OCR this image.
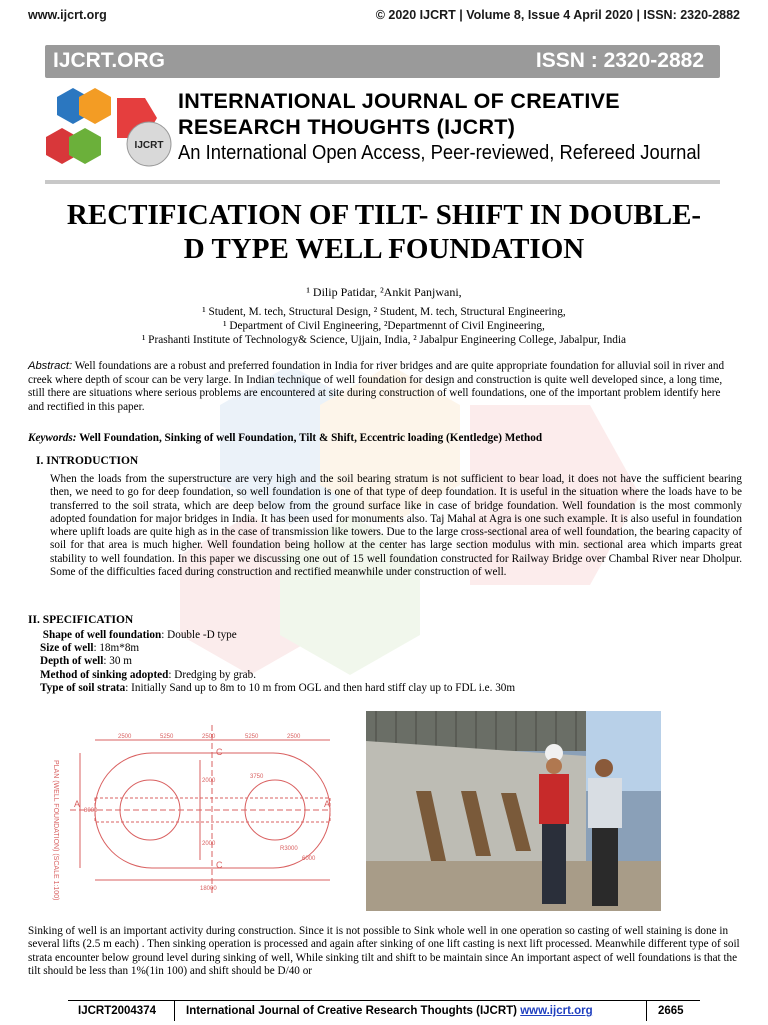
www.ijcrt.org	© 2020 IJCRT | Volume 8, Issue 4 April 2020 | ISSN: 2320-2882
IJCRT.ORG	ISSN : 2320-2882
IJCRT
INTERNATIONAL JOURNAL OF CREATIVE
RESEARCH THOUGHTS (IJCRT)
An International Open Access, Peer-reviewed, Refereed Journal
RECTIFICATION OF TILT- SHIFT IN DOUBLE-
D TYPE WELL FOUNDATION
¹ Dilip Patidar, ²Ankit Panjwani,
¹ Student, M. tech, Structural Design, ² Student, M. tech, Structural Engineering,
¹ Department of Civil Engineering, ²Departmennt of Civil Engineering,
¹ Prashanti Institute of Technology& Science, Ujjain, India, ² Jabalpur Engineering College, Jabalpur, India
Abstract: Well foundations are a robust and preferred foundation in India for river bridges and are quite appropriate foundation for alluvial soil in river and creek where depth of scour can be very large. In Indian technique of well foundation for design and construction is quite well developed since, a long time, still there are situations where serious problems are encountered at site during construction of well foundations, one of the important problem identify here and rectified in this paper.
Keywords: Well Foundation, Sinking of well Foundation, Tilt & Shift, Eccentric loading (Kentledge) Method
I. INTRODUCTION
When the loads from the superstructure are very high and the soil bearing stratum is not sufficient to bear load, it does not have the sufficient bearing then, we need to go for deep foundation, so well foundation is one of that type of deep foundation. It is useful in the situation where the loads have to be transferred to the soil strata, which are deep below from the ground surface like in case of bridge foundation. Well foundation is the most commonly adopted foundation for major bridges in India. It has been used for monuments also. Taj Mahal at Agra is one such example. It is also useful in foundation where uplift loads are quite high as in the case of transmission like towers. Due to the large cross-sectional area of well foundation, the bearing capacity of soil for that area is much higher. Well foundation being hollow at the center has large section modulus with min. sectional area which imparts great stability to well foundation. In this paper we discussing one out of 15 well foundation constructed for Railway Bridge over Chambal River near Dholpur. Some of the difficulties faced during construction and rectified meanwhile under construction of well.
II. SPECIFICATION
Shape of well foundation: Double -D type
Size of well: 18m*8m
Depth of well: 30 m
Method of sinking adopted: Dredging by grab.
Type of soil strata: Initially Sand up to 8m to 10 m from OGL and then hard stiff clay up to FDL i.e. 30m
2500	5250	2500	5250	2500
18000
8000
3750
2000
2000
R3000
6000
C
C
A	A
PLAN (WELL FOUNDATION) (SCALE 1:100)
Sinking of well is an important activity during construction. Since it is not possible to Sink whole well in one operation so casting of well staining is done in several lifts (2.5 m each) . Then sinking operation is processed and again after sinking of one lift casting is next lift processed. Meanwhile different type of soil strata encounter below ground level during sinking of well, While sinking tilt and shift to be maintain since An important aspect of well foundations is that the tilt should be less than 1%(1in 100) and shift should be D/40 or
IJCRT2004374	International Journal of Creative Research Thoughts (IJCRT) www.ijcrt.org	2665
